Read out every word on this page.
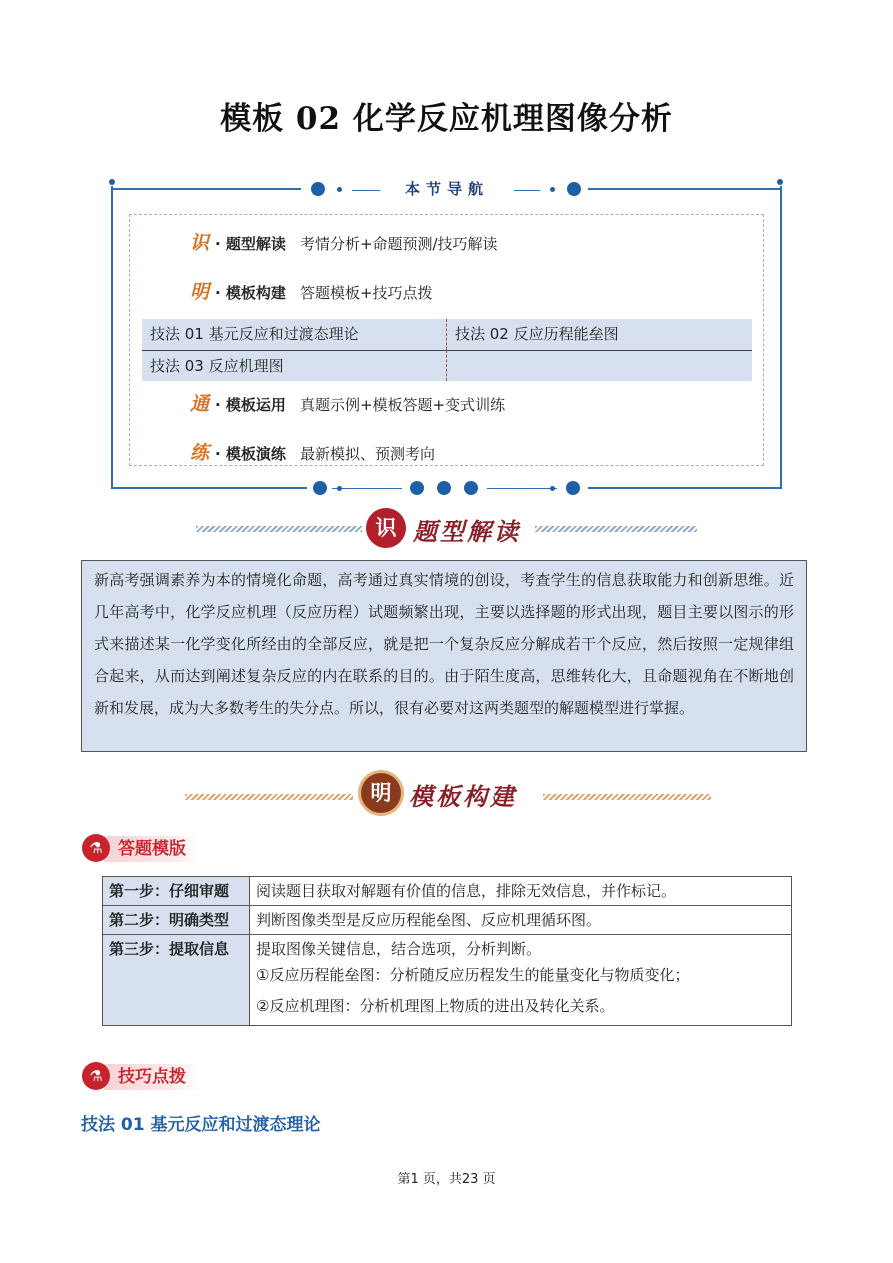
模板 02 化学反应机理图像分析
本节导航
识 · 题型解读 考情分析+命题预测/技巧解读
明 · 模板构建 答题模板+技巧点拨
技法 01 基元反应和过渡态理论	技法 02 反应历程能垒图
技法 03 反应机理图
通 · 模板运用 真题示例+模板答题+变式训练
练 · 模板演练 最新模拟、预测考向
识 题型解读
新高考强调素养为本的情境化命题，高考通过真实情境的创设，考查学生的信息获取能力和创新思维。近几年高考中，化学反应机理（反应历程）试题频繁出现，主要以选择题的形式出现，题目主要以图示的形式来描述某一化学变化所经由的全部反应，就是把一个复杂反应分解成若干个反应，然后按照一定规律组合起来，从而达到阐述复杂反应的内在联系的目的。由于陌生度高，思维转化大，且命题视角在不断地创新和发展，成为大多数考生的失分点。所以，很有必要对这两类题型的解题模型进行掌握。
明 模板构建
答题模版
⚗
第一步：仔细审题	阅读题目获取对解题有价值的信息，排除无效信息，并作标记。
第二步：明确类型	判断图像类型是反应历程能垒图、反应机理循环图。
第三步：提取信息	提取图像关键信息，结合选项，分析判断。
①反应历程能垒图：分析随反应历程发生的能量变化与物质变化；
②反应机理图：分析机理图上物质的进出及转化关系。
技巧点拨
⚗
技法 01 基元反应和过渡态理论
第1 页，共23 页
